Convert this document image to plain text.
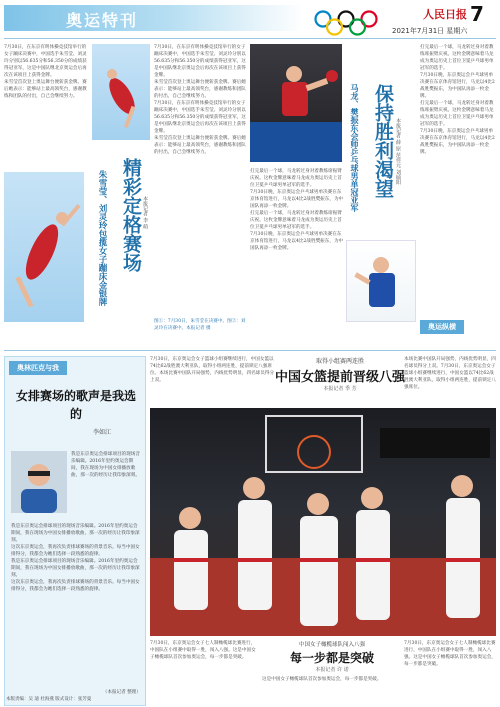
奥运特刊	人民日报 7
2021年7月31日 星期六
7月30日，在东京有明体操竞技馆举行的女子蹦床决赛中，中国选手朱雪莹、刘灵玲分别以56.635分和56.350分的成绩获得冠亚军，这是中国队继北京奥运会后再次在该项目上获得金牌。
朱雪莹首次登上奥运舞台便斩获金牌。赛后她表示：能够站上最高领奖台，感谢教练和团队的付出，自己会继续努力。
精彩定格赛场
朱雪莹、刘灵玲包揽女子蹦床金银牌	本报记者 李 萌
7月30日，在东京有明体操竞技馆举行的女子蹦床决赛中，中国选手朱雪莹、刘灵玲分别以56.635分和56.350分的成绩获得冠亚军，这是中国队继北京奥运会后再次在该项目上获得金牌。
朱雪莹首次登上奥运舞台便斩获金牌。赛后她表示：能够站上最高领奖台，感谢教练和团队的付出，自己会继续努力。
7月30日，在东京有明体操竞技馆举行的女子蹦床决赛中，中国选手朱雪莹、刘灵玲分别以56.635分和56.350分的成绩获得冠亚军，这是中国队继北京奥运会后再次在该项目上获得金牌。
朱雪莹首次登上奥运舞台便斩获金牌。赛后她表示：能够站上最高领奖台，感谢教练和团队的付出，自己会继续努力。
图①：7月30日，朱雪莹在决赛中。图②：刘灵玲在决赛中。本报记者 摄
保持胜利渴望
马龙、樊振东会师乒乓球男单冠亚军	本报记者 薛 原 范佳元 刘硕阳
打完最后一个球，马龙转过身对着教练席振臂庆祝。这枚金牌意味着马龙成为奥运历史上首位卫冕乒乓球男单冠军的选手。
7月30日晚，东京奥运会乒乓球男单决赛在东京体育馆进行，马龙以4比2战胜樊振东，为中国队再添一枚金牌。
打完最后一个球，马龙转过身对着教练席振臂庆祝。这枚金牌意味着马龙成为奥运历史上首位卫冕乒乓球男单冠军的选手。
7月30日晚，东京奥运会乒乓球男单决赛在东京体育馆进行，马龙以4比2战胜樊振东，为中国队再添一枚金牌。
打完最后一个球，马龙转过身对着教练席振臂庆祝。这枚金牌意味着马龙成为奥运历史上首位卫冕乒乓球男单冠军的选手。
7月30日晚，东京奥运会乒乓球男单决赛在东京体育馆进行，马龙以4比2战胜樊振东，为中国队再添一枚金牌。
打完最后一个球，马龙转过身对着教练席振臂庆祝。这枚金牌意味着马龙成为奥运历史上首位卫冕乒乓球男单冠军的选手。
7月30日晚，东京奥运会乒乓球男单决赛在东京体育馆进行，马龙以4比2战胜樊振东，为中国队再添一枚金牌。
奥运纵横
奥林匹克与我
女排赛场的歌声是我选的
李如江
我是东京奥运会排球项目的现场音乐编辑。2016年里约奥运会期间，我在现场为中国女排播放歌曲，那一次的经历让我印象深刻。
我是东京奥运会排球项目的现场音乐编辑。2016年里约奥运会期间，我在现场为中国女排播放歌曲，那一次的经历让我印象深刻。
这次东京奥运会，我再次负责排球赛场的背景音乐。每当中国女排得分，我都会为她们选择一段熟悉的旋律。
我是东京奥运会排球项目的现场音乐编辑。2016年里约奥运会期间，我在现场为中国女排播放歌曲，那一次的经历让我印象深刻。
这次东京奥运会，我再次负责排球赛场的背景音乐。每当中国女排得分，我都会为她们选择一段熟悉的旋律。
（本报记者 整理）
7月30日，东京奥运会女子篮球小组赛继续进行，中国女篮以74比62战胜澳大利亚队，取得小组两连胜，提前锁定八强席位。本场比赛中国队开局强势，内线优势明显，四名球员得分上双。
取得小组赛两连胜
中国女篮提前晋级八强
本报记者 季 芳
本场比赛中国队开局强势，内线优势明显，四名球员得分上双。7月30日，东京奥运会女子篮球小组赛继续进行，中国女篮以74比62战胜澳大利亚队，取得小组两连胜，提前锁定八强席位。
7月30日，东京奥运会女子七人制橄榄球比赛进行，中国队在小组赛中取得一胜，闯入八强。这是中国女子橄榄球队首次参加奥运会，每一步都是突破。
中国女子橄榄球队闯入八强
每一步都是突破
本报记者 许 诺
这是中国女子橄榄球队首次参加奥运会，每一步都是突破。
7月30日，东京奥运会女子七人制橄榄球比赛进行，中国队在小组赛中取得一胜，闯入八强。这是中国女子橄榄球队首次参加奥运会，每一步都是突破。
本版责编：吴 迪 杜海燕 版式设计：张芳曼
